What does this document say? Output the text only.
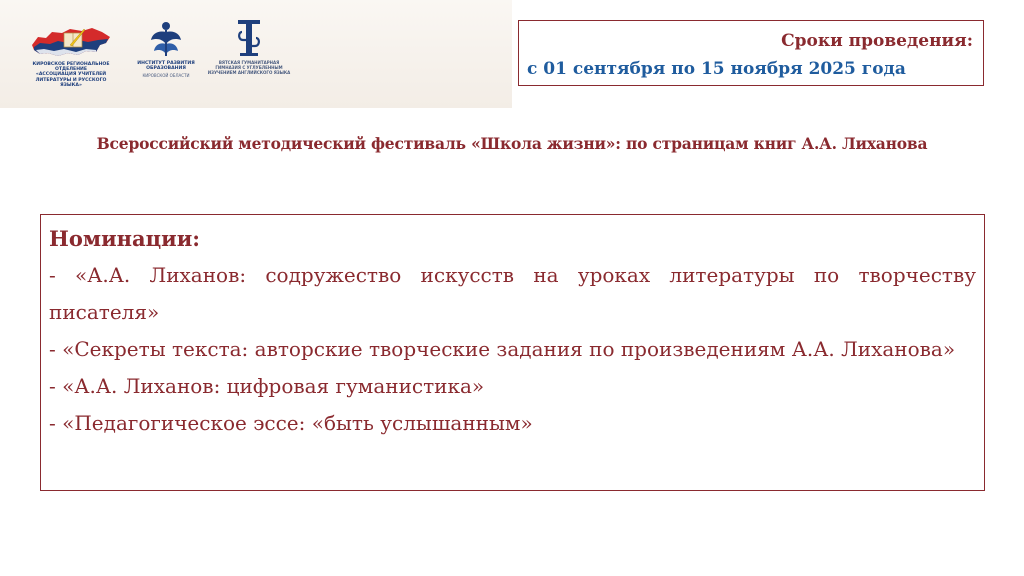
КИРОВСКОЕ РЕГИОНАЛЬНОЕ ОТДЕЛЕНИЕ
«АССОЦИАЦИЯ УЧИТЕЛЕЙ
ЛИТЕРАТУРЫ И РУССКОГО ЯЗЫКА»
ИНСТИТУТ РАЗВИТИЯ
ОБРАЗОВАНИЯ
КИРОВСКОЙ ОБЛАСТИ
ВЯТСКАЯ ГУМАНИТАРНАЯ
ГИМНАЗИЯ С УГЛУБЛЕННЫМ
ИЗУЧЕНИЕМ АНГЛИЙСКОГО ЯЗЫКА
Сроки проведения:
с 01 сентября по 15 ноября 2025 года
Всероссийский методический фестиваль «Школа жизни»: по страницам книг А.А. Лиханова
Номинации:
- «А.А. Лиханов: содружество искусств на уроках литературы по творчеству писателя»
- «Секреты текста: авторские творческие задания по произведениям А.А. Лиханова»
- «А.А. Лиханов: цифровая гуманистика»
- «Педагогическое эссе: «быть услышанным»
